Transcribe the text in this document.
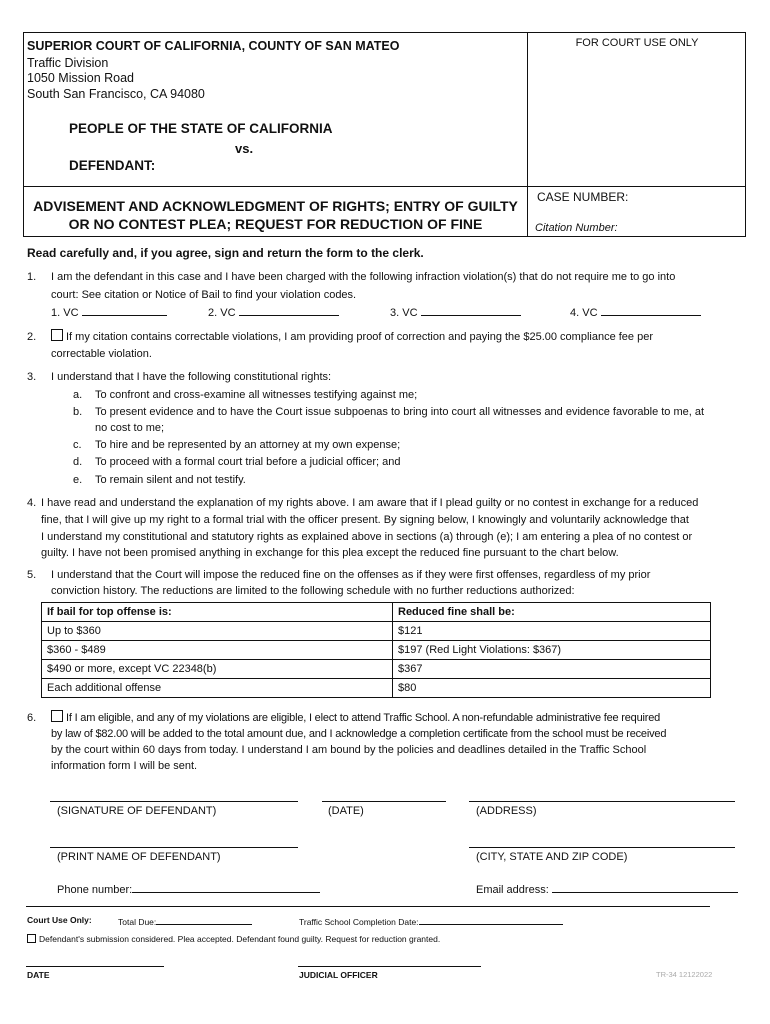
SUPERIOR COURT OF CALIFORNIA, COUNTY OF SAN MATEO
Traffic Division
1050 Mission Road
South San Francisco, CA 94080
FOR COURT USE ONLY
PEOPLE OF THE STATE OF CALIFORNIA
vs.
DEFENDANT:
ADVISEMENT AND ACKNOWLEDGMENT OF RIGHTS; ENTRY OF GUILTY
OR NO CONTEST PLEA; REQUEST FOR REDUCTION OF FINE
CASE NUMBER:
Citation Number:
Read carefully and, if you agree, sign and return the form to the clerk.
1. I am the defendant in this case and I have been charged with the following infraction violation(s) that do not require me to go into
court: See citation or Notice of Bail to find your violation codes.
1. VC	2. VC	3. VC	4. VC
2.	If my citation contains correctable violations, I am providing proof of correction and paying the $25.00 compliance fee per
correctable violation.
3. I understand that I have the following constitutional rights:
a. To confront and cross-examine all witnesses testifying against me;
b. To present evidence and to have the Court issue subpoenas to bring into court all witnesses and evidence favorable to me, at
no cost to me;
c. To hire and be represented by an attorney at my own expense;
d. To proceed with a formal court trial before a judicial officer; and
e. To remain silent and not testify.
4. I have read and understand the explanation of my rights above. I am aware that if I plead guilty or no contest in exchange for a reduced
fine, that I will give up my right to a formal trial with the officer present. By signing below, I knowingly and voluntarily acknowledge that
I understand my constitutional and statutory rights as explained above in sections (a) through (e); I am entering a plea of no contest or
guilty. I have not been promised anything in exchange for this plea except the reduced fine pursuant to the chart below.
5. I understand that the Court will impose the reduced fine on the offenses as if they were first offenses, regardless of my prior
conviction history. The reductions are limited to the following schedule with no further reductions authorized:
If bail for top offense is:	Reduced fine shall be:
Up to $360	$121
$360 - $489	$197 (Red Light Violations: $367)
$490 or more, except VC 22348(b)	$367
Each additional offense	$80
6.	If I am eligible, and any of my violations are eligible, I elect to attend Traffic School. A non-refundable administrative fee required
by law of $82.00 will be added to the total amount due, and I acknowledge a completion certificate from the school must be received
by the court within 60 days from today. I understand I am bound by the policies and deadlines detailed in the Traffic School
information form I will be sent.
(SIGNATURE OF DEFENDANT)	(DATE)	(ADDRESS)
(PRINT NAME OF DEFENDANT)	(CITY, STATE AND ZIP CODE)
Phone number:	Email address:
Court Use Only:	Total Due:	Traffic School Completion Date:
Defendant's submission considered. Plea accepted. Defendant found guilty. Request for reduction granted.
DATE	JUDICIAL OFFICER	TR-34 12122022
